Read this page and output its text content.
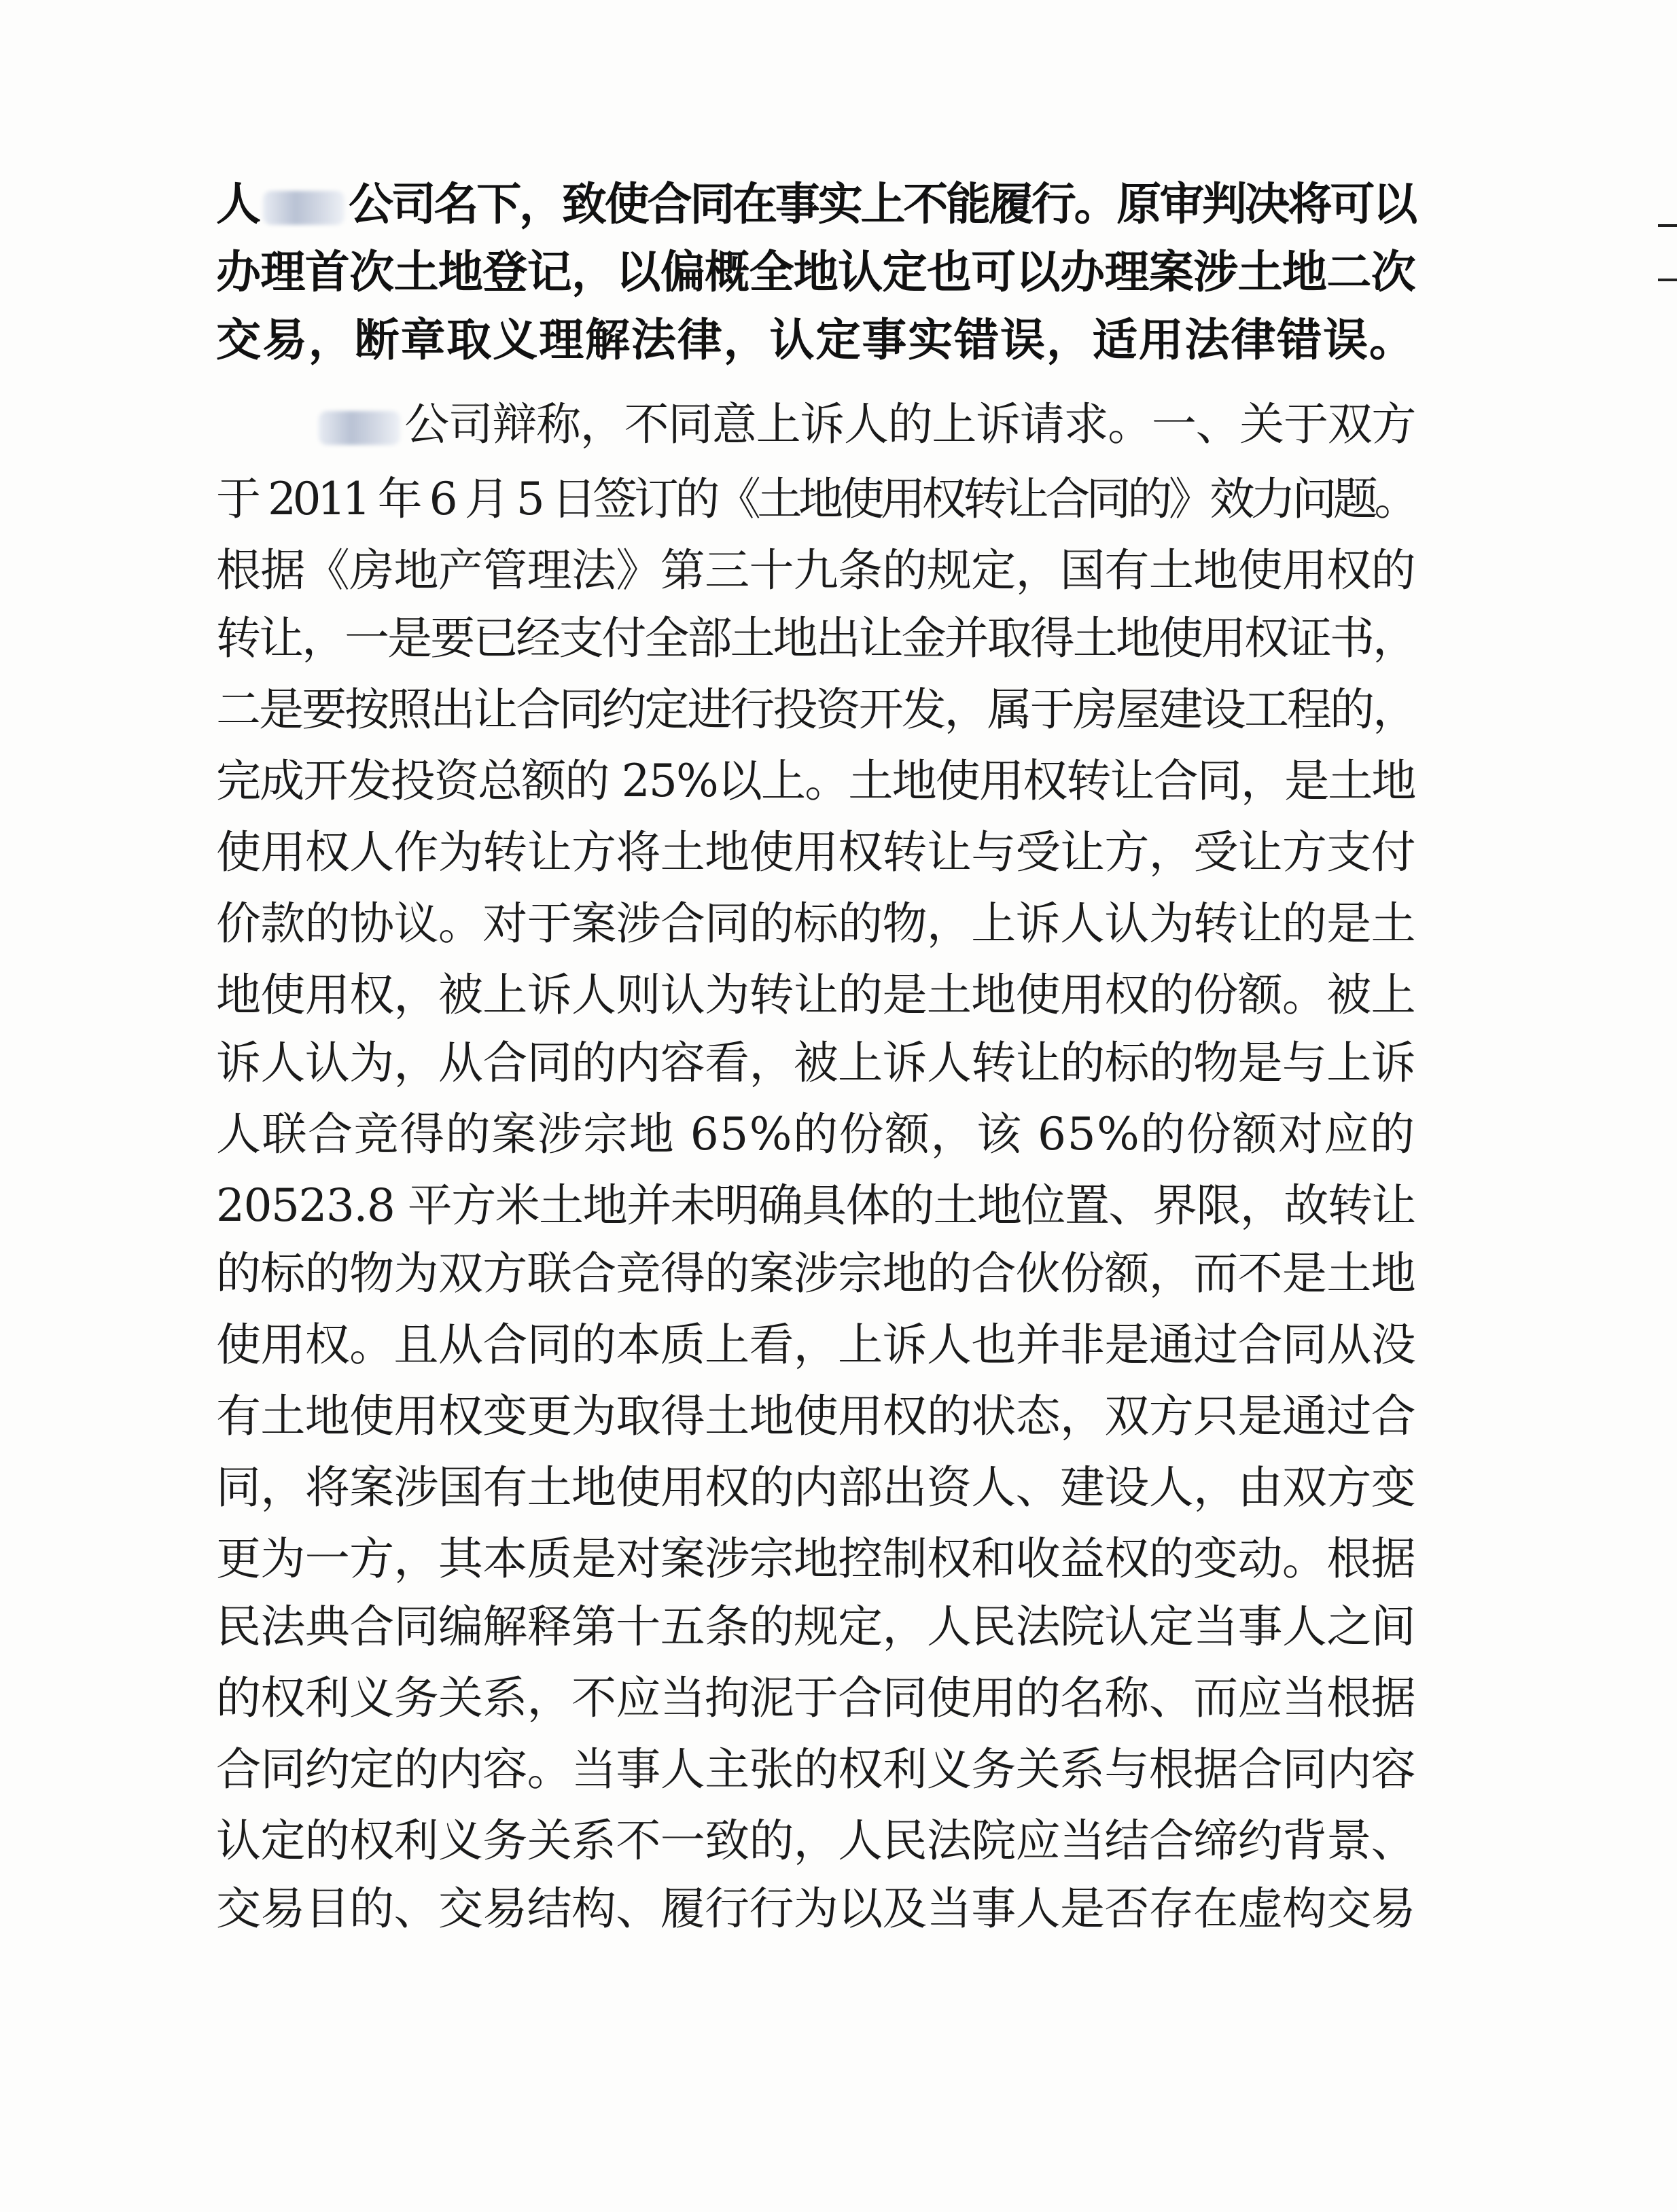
人 公司名下，致使合同在事实上不能履行。原审判决将可以
办理首次土地登记，以偏概全地认定也可以办理案涉土地二次
交易，断章取义理解法律，认定事实错误，适用法律错误。
公司辩称，不同意上诉人的上诉请求。一、关于双方
于 2011 年 6 月 5 日签订的《土地使用权转让合同的》效力问题。
根据《房地产管理法》第三十九条的规定，国有土地使用权的
转让，一是要已经支付全部土地出让金并取得土地使用权证书，
二是要按照出让合同约定进行投资开发，属于房屋建设工程的，
完成开发投资总额的 25%以上。土地使用权转让合同，是土地
使用权人作为转让方将土地使用权转让与受让方，受让方支付
价款的协议。对于案涉合同的标的物，上诉人认为转让的是土
地使用权，被上诉人则认为转让的是土地使用权的份额。被上
诉人认为，从合同的内容看，被上诉人转让的标的物是与上诉
人联合竞得的案涉宗地 65%的份额，该 65%的份额对应的
20523.8 平方米土地并未明确具体的土地位置、界限，故转让
的标的物为双方联合竞得的案涉宗地的合伙份额，而不是土地
使用权。且从合同的本质上看，上诉人也并非是通过合同从没
有土地使用权变更为取得土地使用权的状态，双方只是通过合
同，将案涉国有土地使用权的内部出资人、建设人，由双方变
更为一方，其本质是对案涉宗地控制权和收益权的变动。根据
民法典合同编解释第十五条的规定，人民法院认定当事人之间
的权利义务关系，不应当拘泥于合同使用的名称、而应当根据
合同约定的内容。当事人主张的权利义务关系与根据合同内容
认定的权利义务关系不一致的，人民法院应当结合缔约背景、
交易目的、交易结构、履行行为以及当事人是否存在虚构交易
